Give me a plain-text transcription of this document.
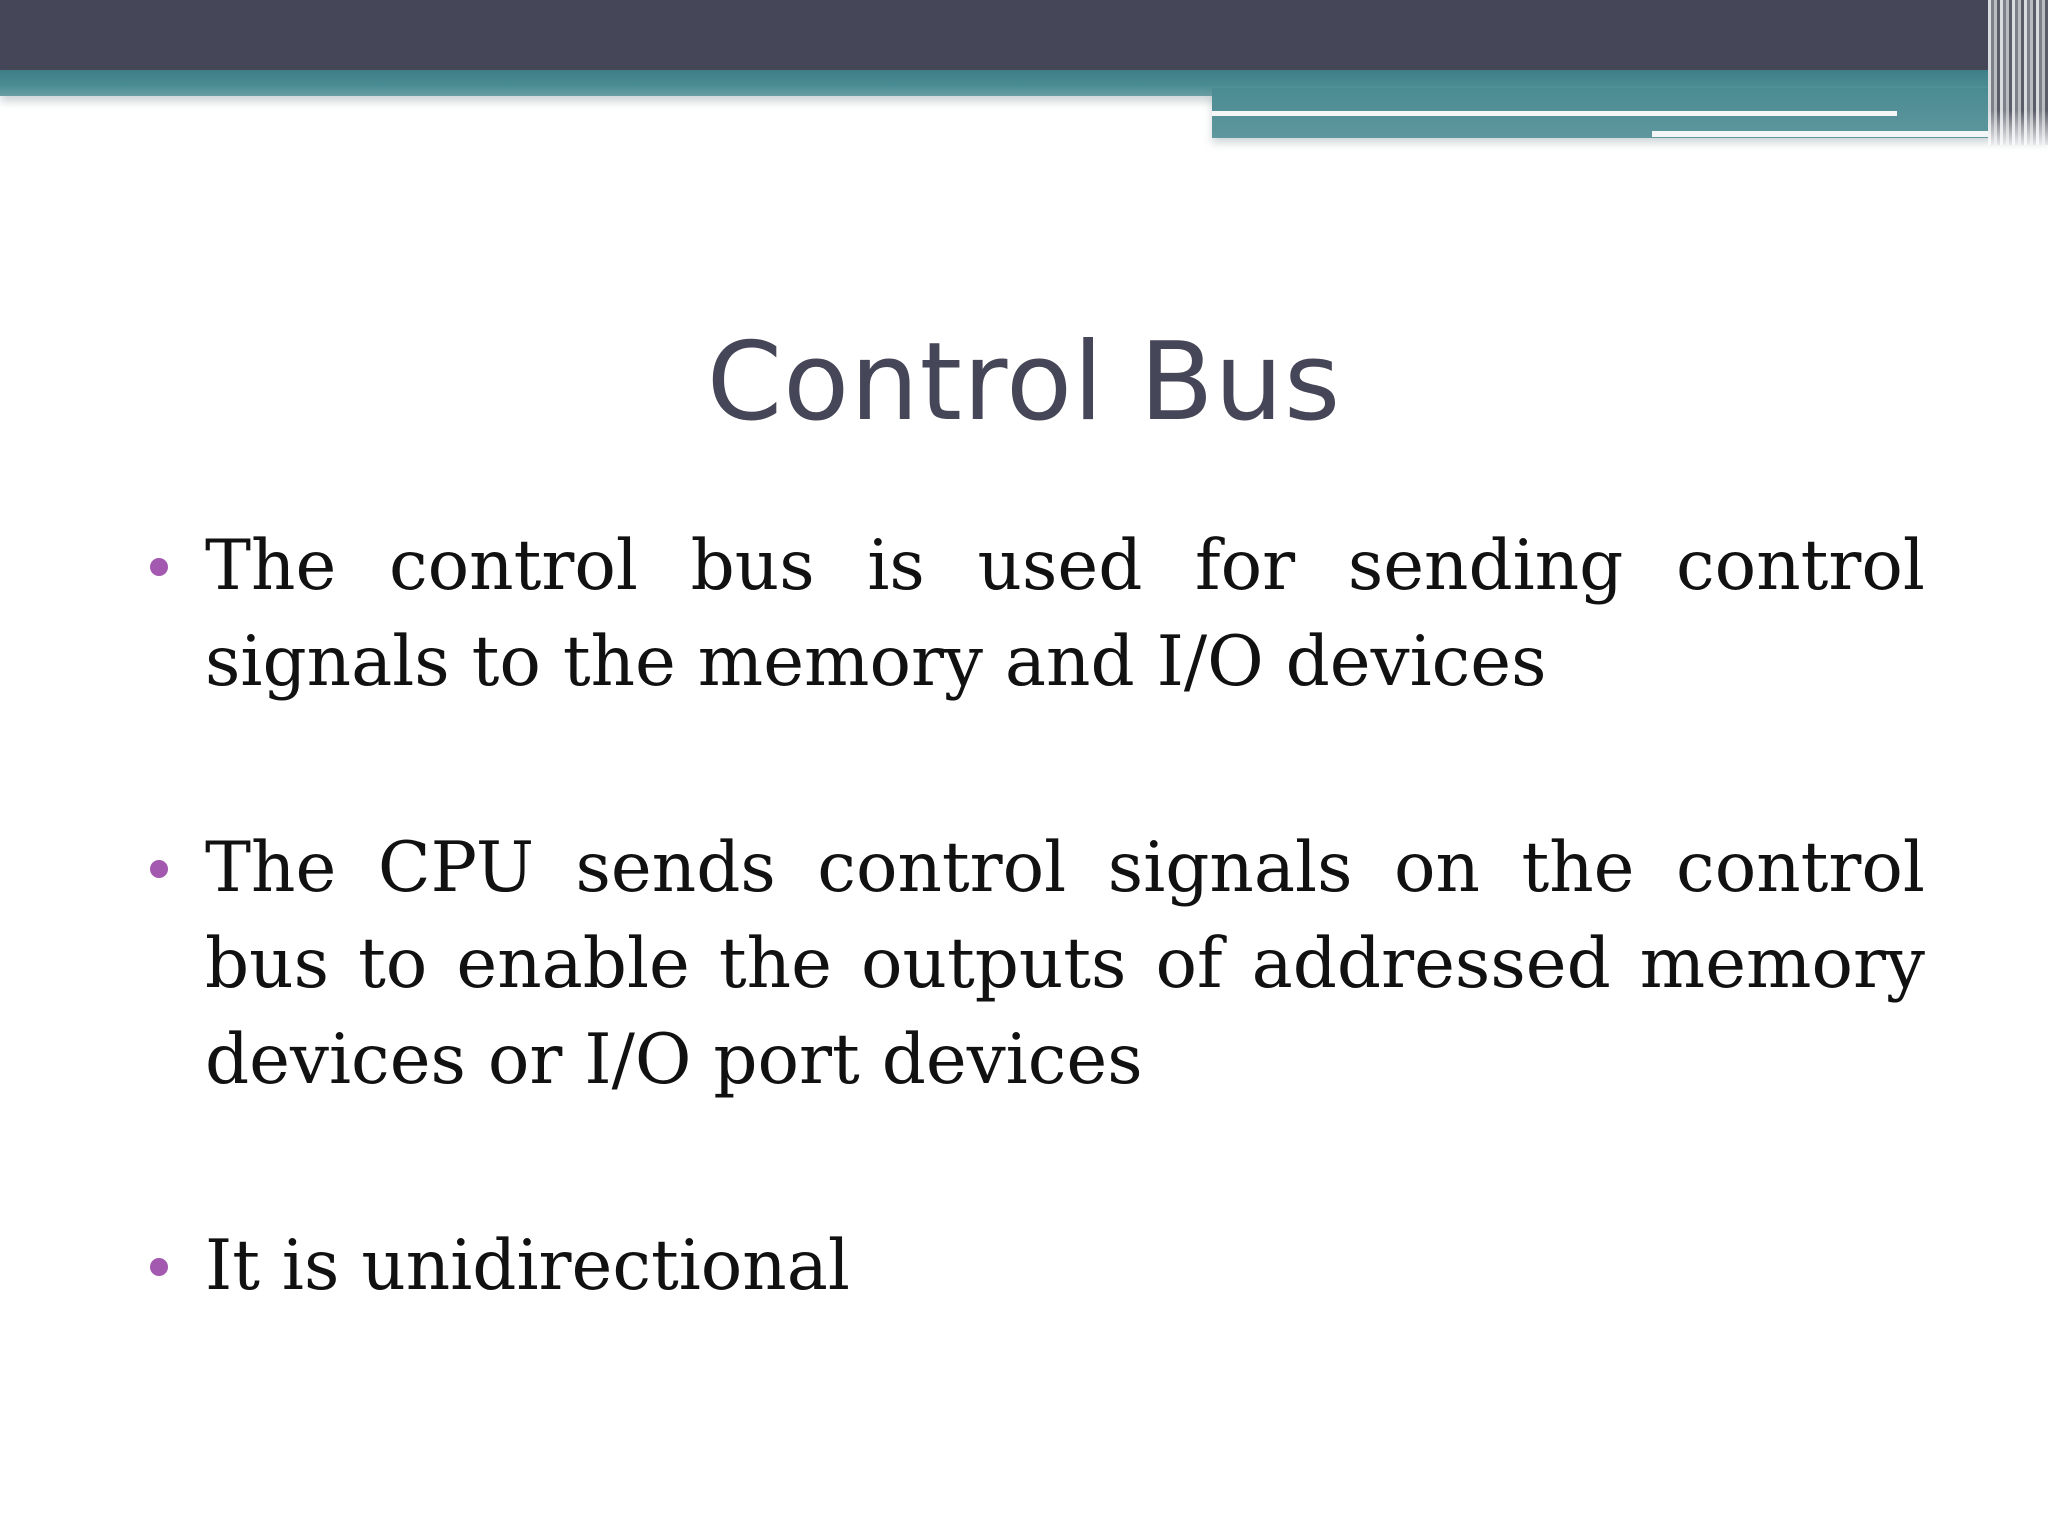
Control Bus
The control bus is used for sending control signals to the memory and I/O devices
The CPU sends control signals on the control bus to enable the outputs of addressed memory devices or I/O port devices
It is unidirectional
